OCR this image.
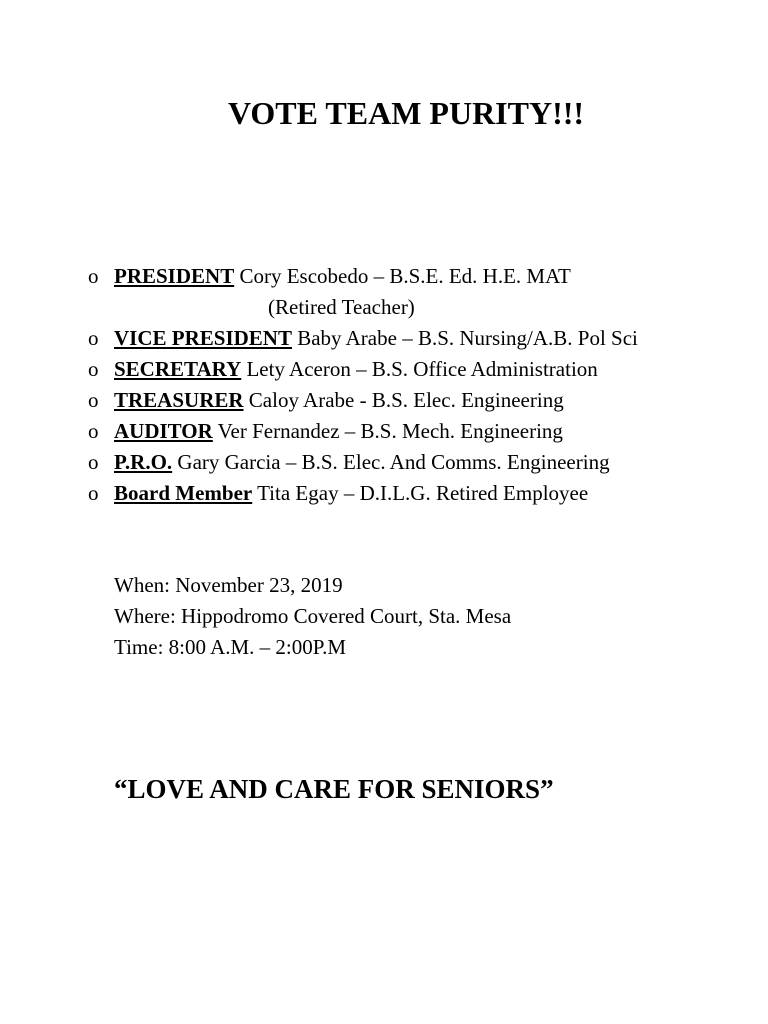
VOTE TEAM PURITY!!!
o PRESIDENT Cory Escobedo – B.S.E. Ed. H.E. MAT
(Retired Teacher)
o VICE PRESIDENT Baby Arabe – B.S. Nursing/A.B. Pol Sci
o SECRETARY Lety Aceron – B.S. Office Administration
o TREASURER Caloy Arabe - B.S. Elec. Engineering
o AUDITOR Ver Fernandez – B.S. Mech. Engineering
o P.R.O. Gary Garcia – B.S. Elec. And Comms. Engineering
o Board Member Tita Egay – D.I.L.G. Retired Employee
When: November 23, 2019
Where: Hippodromo Covered Court, Sta. Mesa
Time: 8:00 A.M. – 2:00P.M
“LOVE AND CARE FOR SENIORS”
